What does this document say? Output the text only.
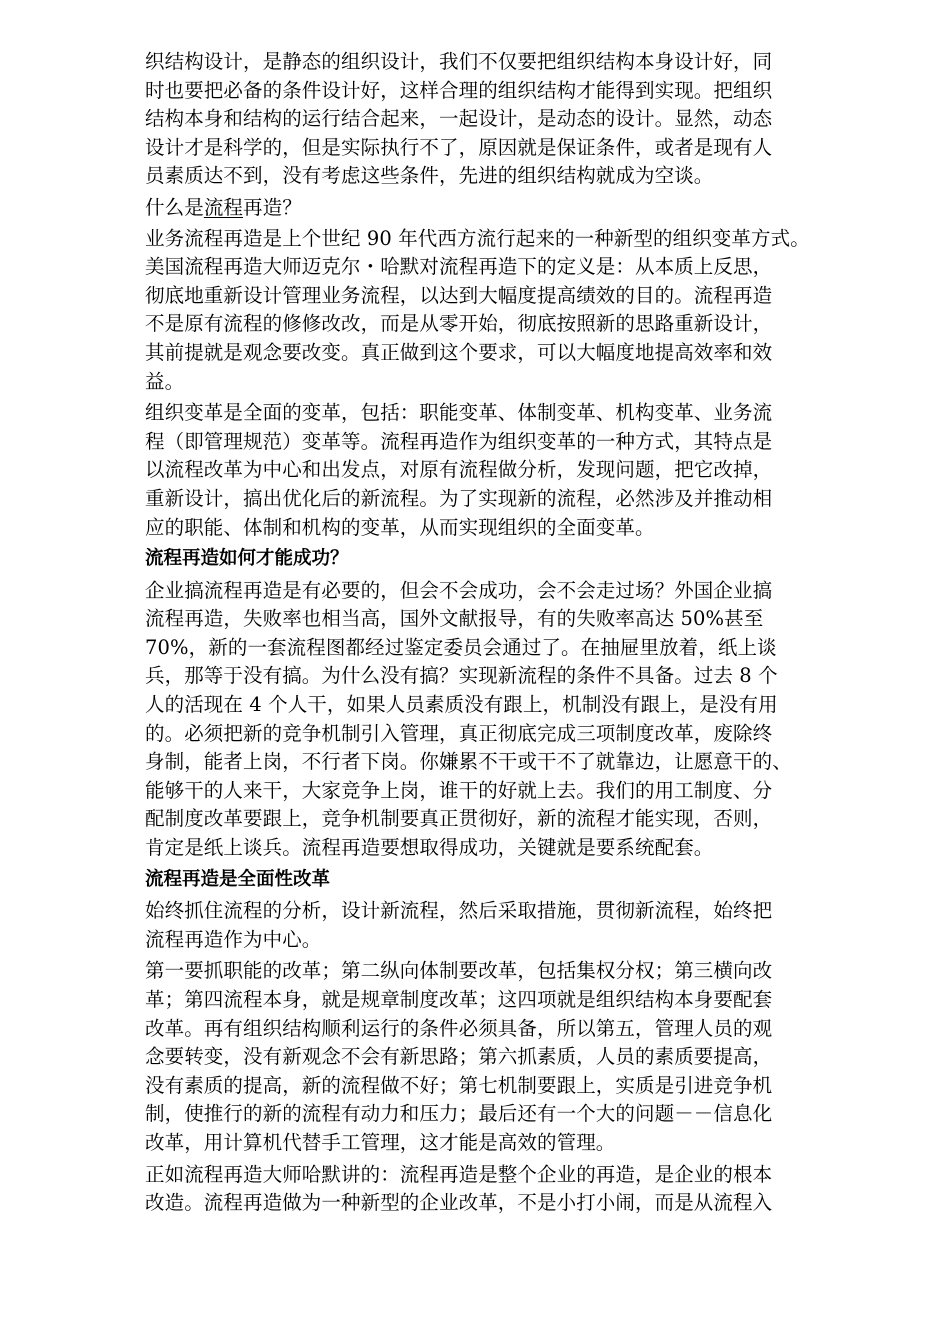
织结构设计，是静态的组织设计，我们不仅要把组织结构本身设计好，同
时也要把必备的条件设计好，这样合理的组织结构才能得到实现。把组织
结构本身和结构的运行结合起来，一起设计，是动态的设计。显然，动态
设计才是科学的，但是实际执行不了，原因就是保证条件，或者是现有人
员素质达不到，没有考虑这些条件，先进的组织结构就成为空谈。
什么是流程再造？
业务流程再造是上个世纪 90 年代西方流行起来的一种新型的组织变革方式。
美国流程再造大师迈克尔・哈默对流程再造下的定义是：从本质上反思，
彻底地重新设计管理业务流程，以达到大幅度提高绩效的目的。流程再造
不是原有流程的修修改改，而是从零开始，彻底按照新的思路重新设计，
其前提就是观念要改变。真正做到这个要求，可以大幅度地提高效率和效
益。
组织变革是全面的变革，包括：职能变革、体制变革、机构变革、业务流
程（即管理规范）变革等。流程再造作为组织变革的一种方式，其特点是
以流程改革为中心和出发点，对原有流程做分析，发现问题，把它改掉，
重新设计，搞出优化后的新流程。为了实现新的流程，必然涉及并推动相
应的职能、体制和机构的变革，从而实现组织的全面变革。
流程再造如何才能成功？
企业搞流程再造是有必要的，但会不会成功，会不会走过场？外国企业搞
流程再造，失败率也相当高，国外文献报导，有的失败率高达 50%甚至
70%，新的一套流程图都经过鉴定委员会通过了。在抽屉里放着，纸上谈
兵，那等于没有搞。为什么没有搞？实现新流程的条件不具备。过去 8 个
人的活现在 4 个人干，如果人员素质没有跟上，机制没有跟上，是没有用
的。必须把新的竞争机制引入管理，真正彻底完成三项制度改革，废除终
身制，能者上岗，不行者下岗。你嫌累不干或干不了就靠边，让愿意干的、
能够干的人来干，大家竞争上岗，谁干的好就上去。我们的用工制度、分
配制度改革要跟上，竞争机制要真正贯彻好，新的流程才能实现，否则，
肯定是纸上谈兵。流程再造要想取得成功，关键就是要系统配套。
流程再造是全面性改革
始终抓住流程的分析，设计新流程，然后采取措施，贯彻新流程，始终把
流程再造作为中心。
第一要抓职能的改革；第二纵向体制要改革，包括集权分权；第三横向改
革；第四流程本身，就是规章制度改革；这四项就是组织结构本身要配套
改革。再有组织结构顺利运行的条件必须具备，所以第五，管理人员的观
念要转变，没有新观念不会有新思路；第六抓素质，人员的素质要提高，
没有素质的提高，新的流程做不好；第七机制要跟上，实质是引进竞争机
制，使推行的新的流程有动力和压力；最后还有一个大的问题－－信息化
改革，用计算机代替手工管理，这才能是高效的管理。
正如流程再造大师哈默讲的：流程再造是整个企业的再造，是企业的根本
改造。流程再造做为一种新型的企业改革，不是小打小闹，而是从流程入
